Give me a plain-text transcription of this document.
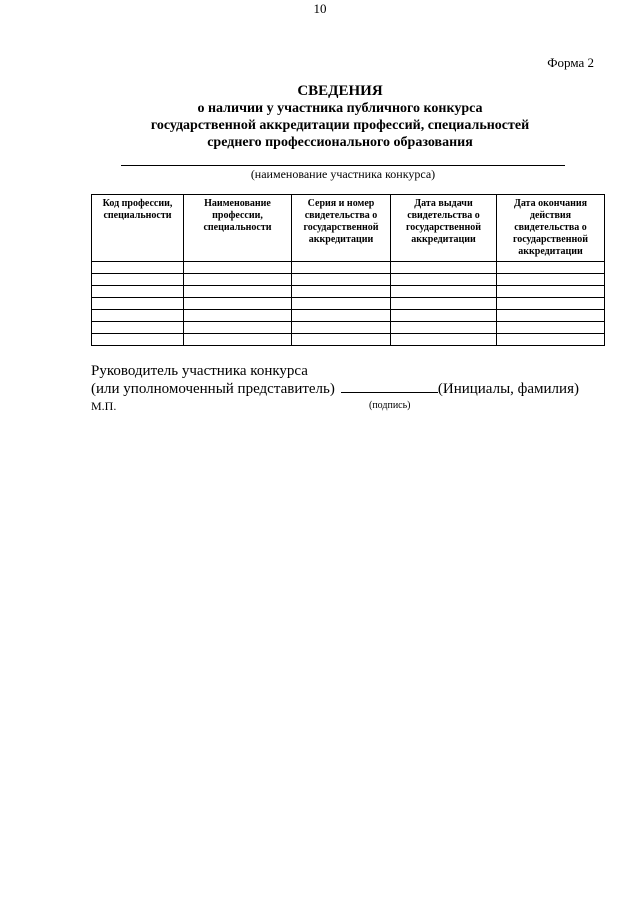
10
Форма 2
СВЕДЕНИЯ
о наличии у участника публичного конкурса
государственной аккредитации профессий, специальностей
среднего профессионального образования
(наименование участника конкурса)
Код профессии, специальности	Наименование профессии, специальности	Серия и номер свидетельства о государственной аккредитации	Дата выдачи свидетельства о государственной аккредитации	Дата окончания действия свидетельства о государственной аккредитации

Руководитель участника конкурса
(или уполномоченный представитель)	(Инициалы, фамилия)
М.П.	(подпись)
